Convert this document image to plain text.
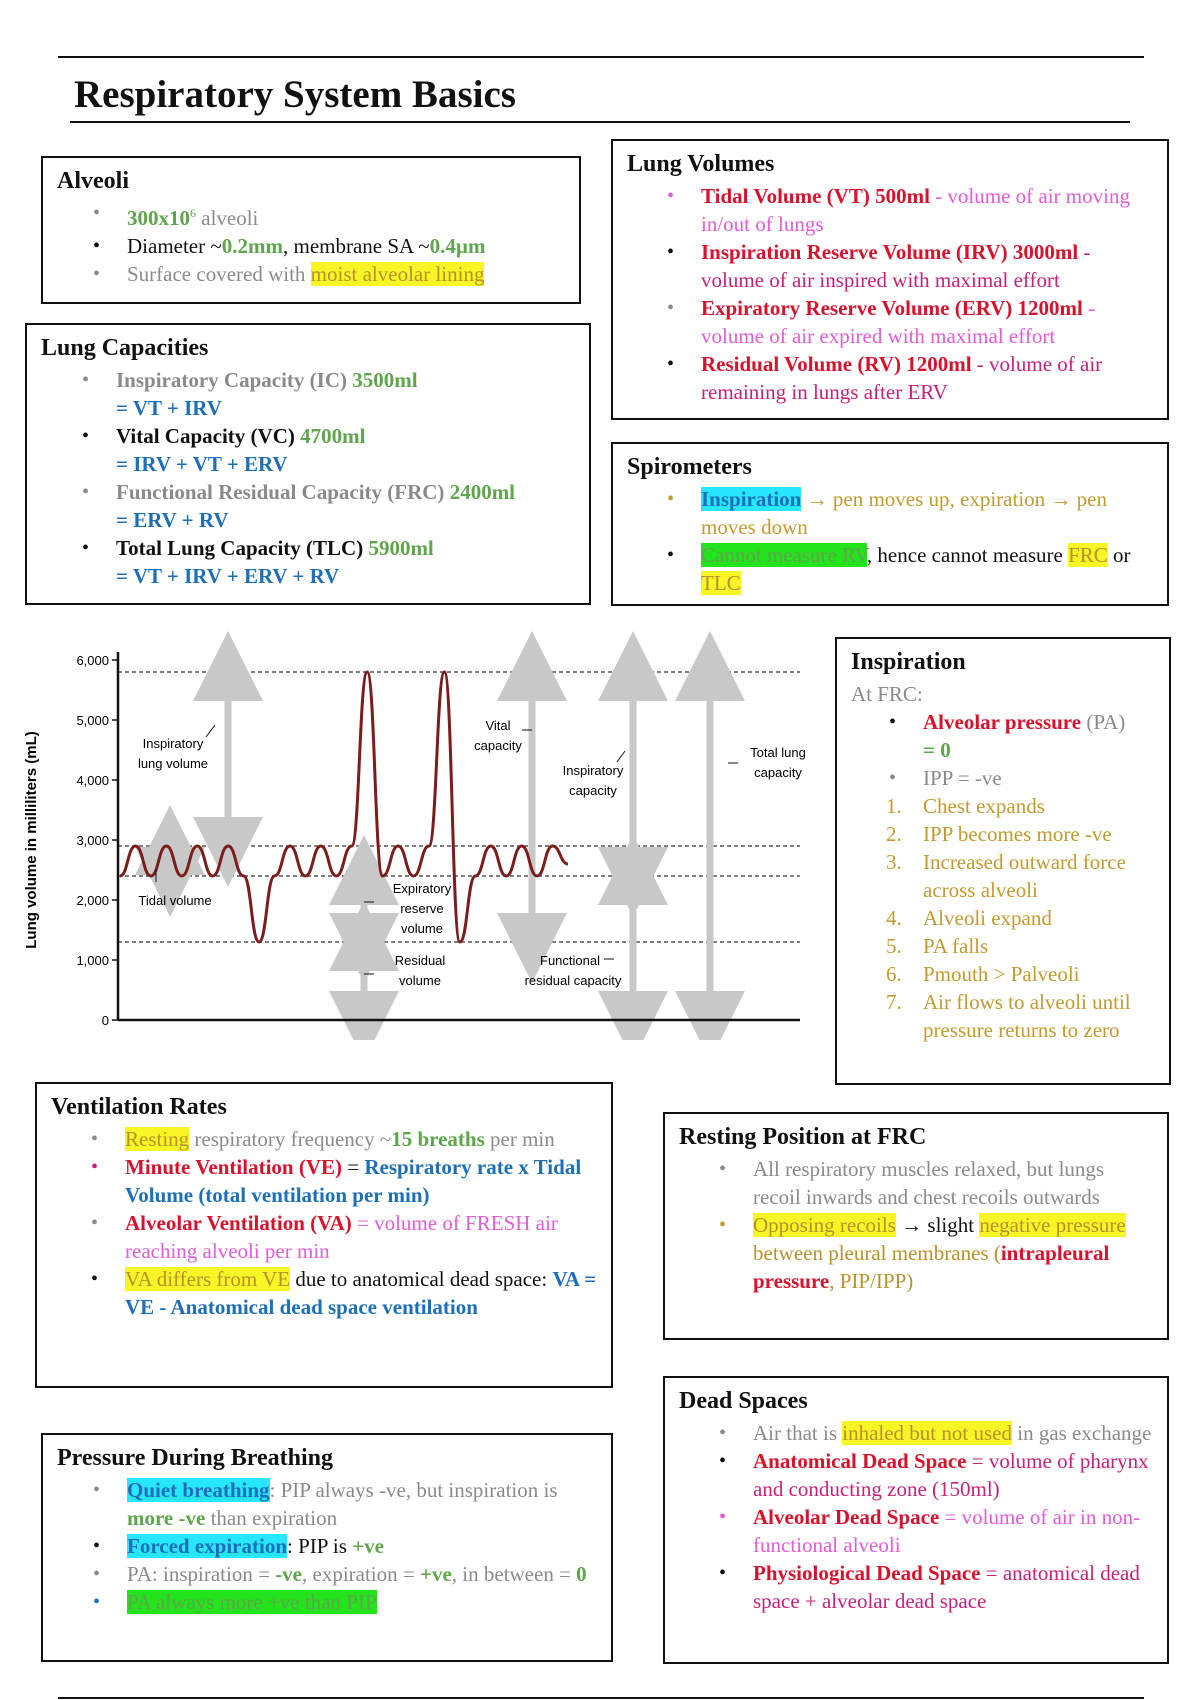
Respiratory System Basics
Alveoli
• $300x10^6$ alveoli
• Diameter ~0.2mm, membrane SA ~0.4µm
• Surface covered with moist alveolar lining
Lung Capacities
• Inspiratory Capacity (IC) 3500ml
= VT + IRV
• Vital Capacity (VC) 4700ml
= IRV + VT + ERV
• Functional Residual Capacity (FRC) 2400ml
= ERV + RV
• Total Lung Capacity (TLC) 5900ml
= VT + IRV + ERV + RV
Lung Volumes
• Tidal Volume (VT) 500ml - volume of air moving in/out of lungs
• Inspiration Reserve Volume (IRV) 3000ml - volume of air inspired with maximal effort
• Expiratory Reserve Volume (ERV) 1200ml - volume of air expired with maximal effort
• Residual Volume (RV) 1200ml - volume of air remaining in lungs after ERV
Spirometers
• Inspiration → pen moves up, expiration → pen moves down
• Cannot measure RV, hence cannot measure FRC or TLC
6,000
5,000
4,000
3,000
2,000
1,000
0
Lung volume in milliliters (mL)	Inspiratory
lung volume
Vital
capacity
Inspiratory
capacity
Total lung
capacity
Tidal volume
Expiratory
reserve
volume
Residual
volume
Functional
residual capacity
Inspiration
At FRC:
• Alveolar pressure (PA)
= 0
• IPP = -ve
1. Chest expands
2. IPP becomes more -ve
3. Increased outward force across alveoli
4. Alveoli expand
5. PA falls
6. Pmouth > Palveoli
7. Air flows to alveoli until pressure returns to zero
Ventilation Rates
• Resting respiratory frequency ~15 breaths per min
• Minute Ventilation (VE) = Respiratory rate x Tidal Volume (total ventilation per min)
• Alveolar Ventilation (VA) = volume of FRESH air reaching alveoli per min
• VA differs from VE due to anatomical dead space: VA = VE - Anatomical dead space ventilation
Resting Position at FRC
• All respiratory muscles relaxed, but lungs recoil inwards and chest recoils outwards
• Opposing recoils → slight negative pressure between pleural membranes (intrapleural pressure, PIP/IPP)
Pressure During Breathing
• Quiet breathing: PIP always -ve, but inspiration is more -ve than expiration
• Forced expiration: PIP is +ve
• PA: inspiration = -ve, expiration = +ve, in between = 0
• PA always more +ve than PIP
Dead Spaces
• Air that is inhaled but not used in gas exchange
• Anatomical Dead Space = volume of pharynx and conducting zone (150ml)
• Alveolar Dead Space = volume of air in non-functional alveoli
• Physiological Dead Space = anatomical dead space + alveolar dead space
